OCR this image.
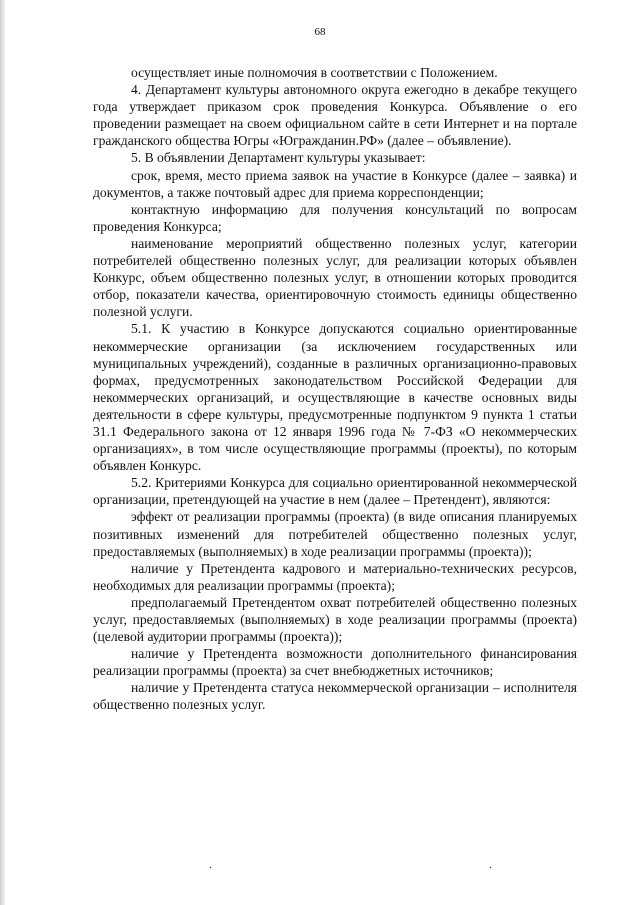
68

осуществляет иные полномочия в соответствии с Положением.

4. Департамент культуры автономного округа ежегодно в декабре текущего года утверждает приказом срок проведения Конкурса. Объявление о его проведении размещает на своем официальном сайте в сети Интернет и на портале гражданского общества Югры «Югражданин.РФ» (далее – объявление).

5. В объявлении Департамент культуры указывает:

срок, время, место приема заявок на участие в Конкурсе (далее – заявка) и документов, а также почтовый адрес для приема корреспонденции;

контактную информацию для получения консультаций по вопросам проведения Конкурса;

наименование мероприятий общественно полезных услуг, категории потребителей общественно полезных услуг, для реализации которых объявлен Конкурс, объем общественно полезных услуг, в отношении которых проводится отбор, показатели качества, ориентировочную стоимость единицы общественно полезной услуги.

5.1. К участию в Конкурсе допускаются социально ориентированные некоммерческие организации (за исключением государственных или муниципальных учреждений), созданные в различных организационно-правовых формах, предусмотренных законодательством Российской Федерации для некоммерческих организаций, и осуществляющие в качестве основных виды деятельности в сфере культуры, предусмотренные подпунктом 9 пункта 1 статьи 31.1 Федерального закона от 12 января 1996 года № 7-ФЗ «О некоммерческих организациях», в том числе осуществляющие программы (проекты), по которым объявлен Конкурс.

5.2. Критериями Конкурса для социально ориентированной некоммерческой организации, претендующей на участие в нем (далее – Претендент), являются:

эффект от реализации программы (проекта) (в виде описания планируемых позитивных изменений для потребителей общественно полезных услуг, предоставляемых (выполняемых) в ходе реализации программы (проекта));

наличие у Претендента кадрового и материально-технических ресурсов, необходимых для реализации программы (проекта);

предполагаемый Претендентом охват потребителей общественно полезных услуг, предоставляемых (выполняемых) в ходе реализации программы (проекта) (целевой аудитории программы (проекта));

наличие у Претендента возможности дополнительного финансирования реализации программы (проекта) за счет внебюджетных источников;

наличие у Претендента статуса некоммерческой организации – исполнителя общественно полезных услуг.

.	.
